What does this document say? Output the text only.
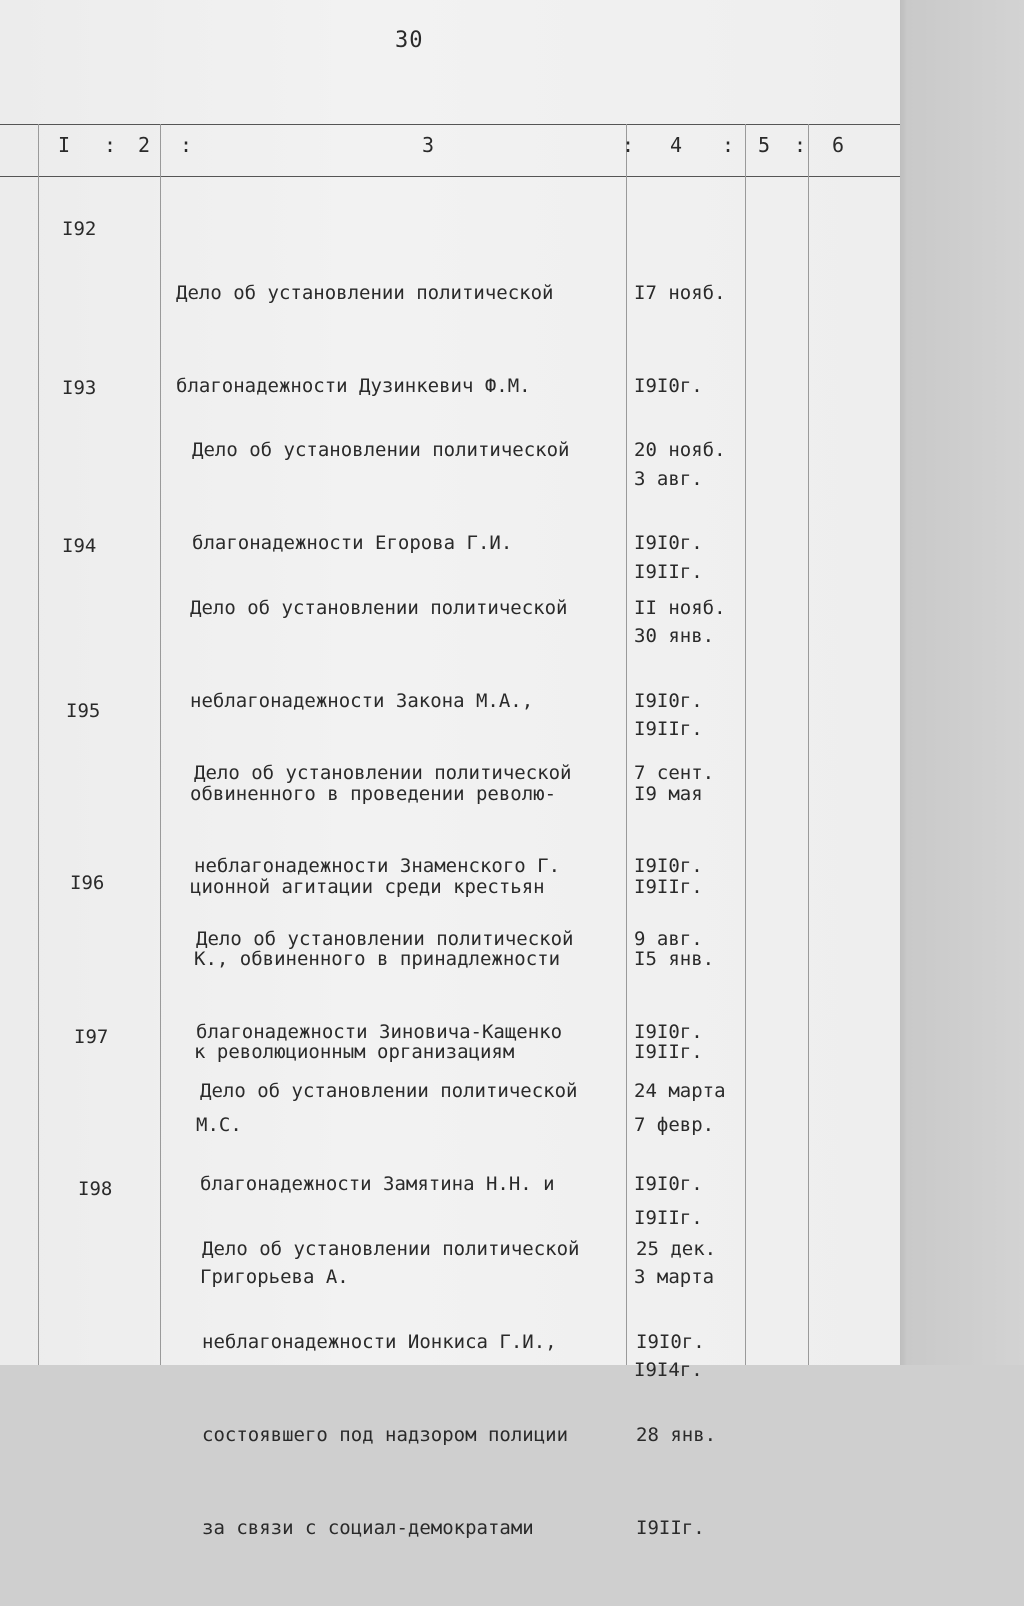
30
I : 2 :	3	: 4 : 5 : 6
I92

Дело об установлении политической

благонадежности Дузинкевич Ф.М.

I7 нояб.

I9I0г.

3 авг.

I9IIг.

I93

Дело об установлении политической

благонадежности Егорова Г.И.

20 нояб.

I9I0г.

30 янв.

I9IIг.

I94

Дело об установлении политической

неблагонадежности Закона М.А.,

обвиненного в проведении револю-

ционной агитации среди крестьян

II нояб.

I9I0г.

I9 мая

I9IIг.

I95

Дело об установлении политической

неблагонадежности Знаменского Г.

К., обвиненного в принадлежности

к революционным организациям

7 сент.

I9I0г.

I5 янв.

I9IIг.

I96

Дело об установлении политической

благонадежности Зиновича-Кащенко

М.С.

9 авг.

I9I0г.

7 февр.

I9IIг.

I97

Дело об установлении политической

благонадежности Замятина Н.Н. и

Григорьева А.

24 марта

I9I0г.

3 марта

I9I4г.

I98

Дело об установлении политической

неблагонадежности Ионкиса Г.И.,

состоявшего под надзором полиции

за связи с социал-демократами

25 дек.

I9I0г.

28 янв.

I9IIг.
